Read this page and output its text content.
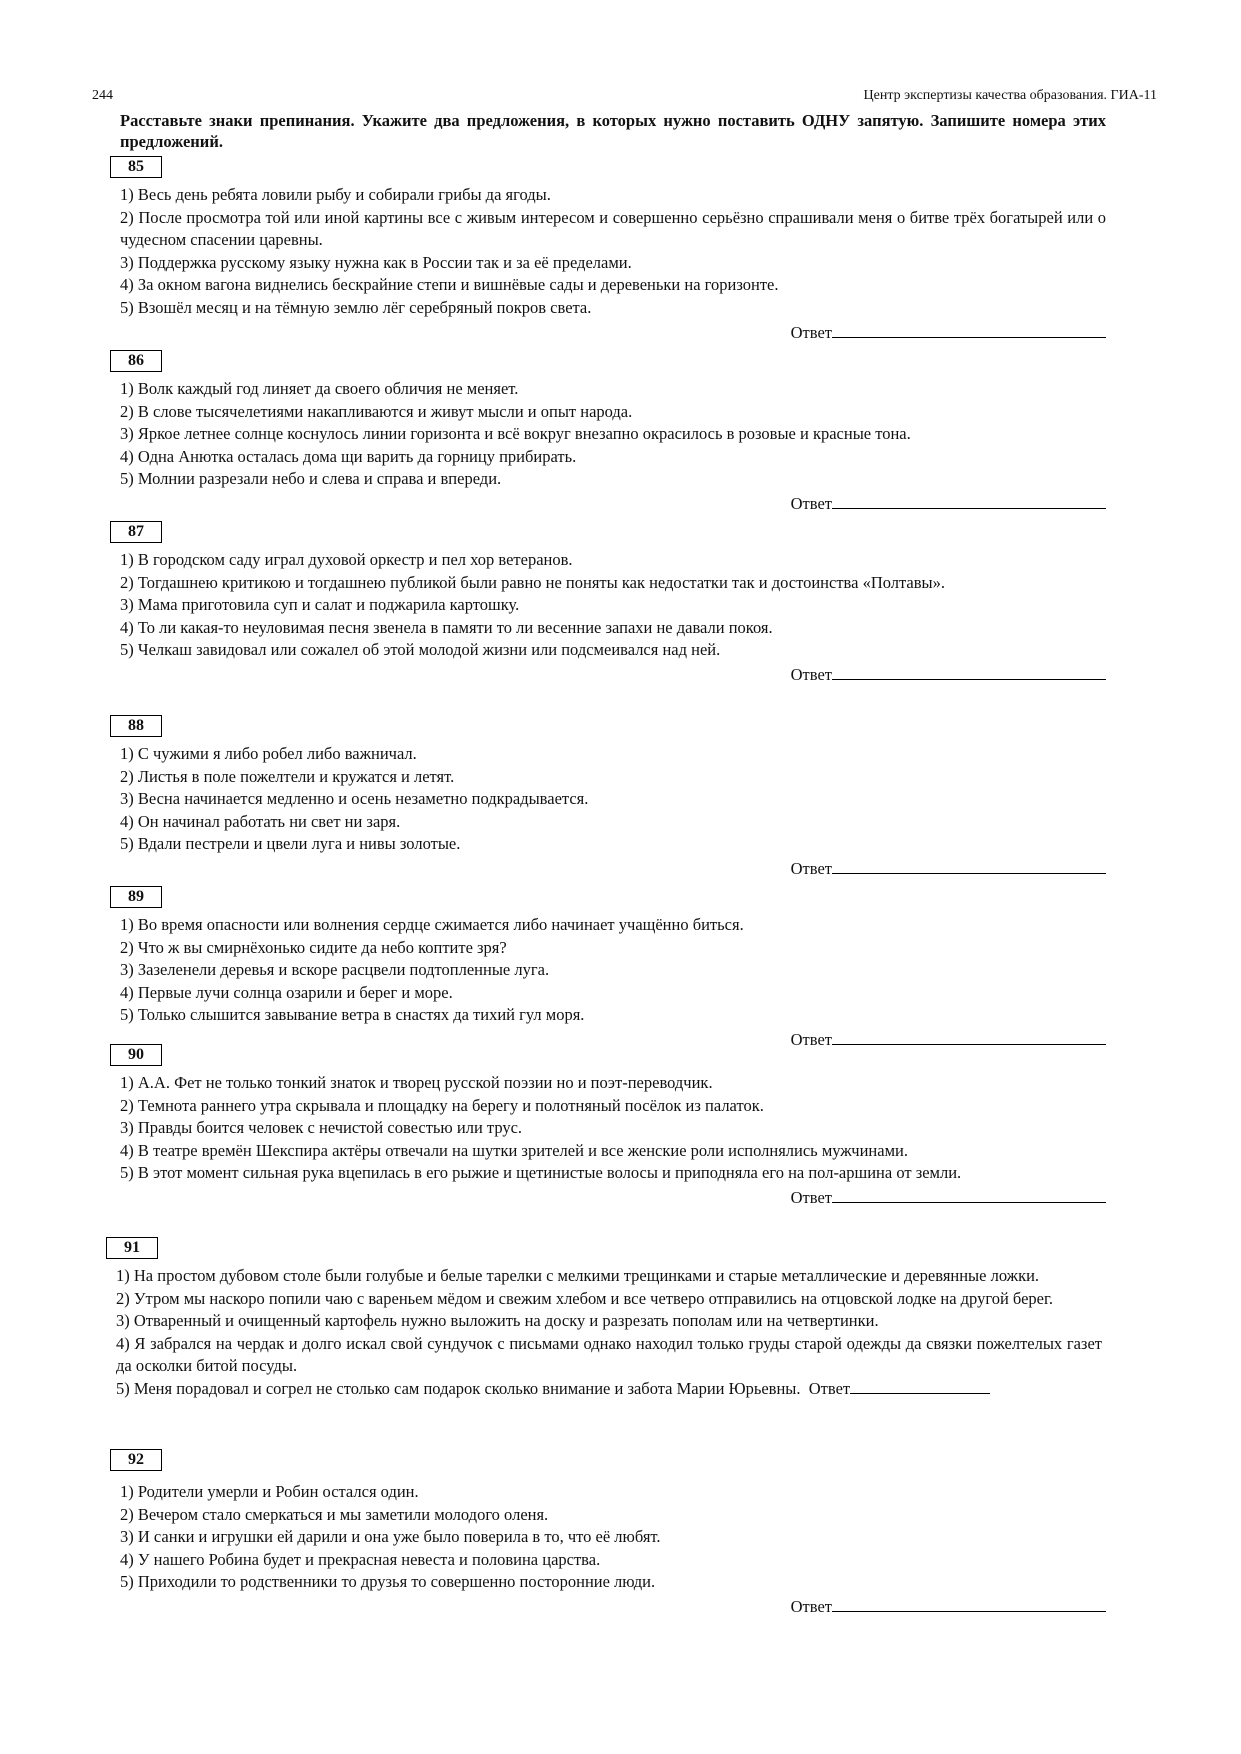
244	Центр экспертизы качества образования. ГИА-11
Расставьте знаки препинания. Укажите два предложения, в которых нужно поставить ОДНУ запятую. Запишите номера этих предложений.
85
1) Весь день ребята ловили рыбу и собирали грибы да ягоды.
2) После просмотра той или иной картины все с живым интересом и совершенно серьёзно спрашивали меня о битве трёх богатырей или о чудесном спасении царевны.
3) Поддержка русскому языку нужна как в России так и за её пределами.
4) За окном вагона виднелись бескрайние степи и вишнёвые сады и деревеньки на горизонте.
5) Взошёл месяц и на тёмную землю лёг серебряный покров света.
Ответ
86
1) Волк каждый год линяет да своего обличия не меняет.
2) В слове тысячелетиями накапливаются и живут мысли и опыт народа.
3) Яркое летнее солнце коснулось линии горизонта и всё вокруг внезапно окрасилось в розовые и красные тона.
4) Одна Анютка осталась дома щи варить да горницу прибирать.
5) Молнии разрезали небо и слева и справа и впереди.
Ответ
87
1) В городском саду играл духовой оркестр и пел хор ветеранов.
2) Тогдашнею критикою и тогдашнею публикой были равно не поняты как недостатки так и достоинства «Полтавы».
3) Мама приготовила суп и салат и поджарила картошку.
4) То ли какая-то неуловимая песня звенела в памяти то ли весенние запахи не давали покоя.
5) Челкаш завидовал или сожалел об этой молодой жизни или подсмеивался над ней.
Ответ
88
1) С чужими я либо робел либо важничал.
2) Листья в поле пожелтели и кружатся и летят.
3) Весна начинается медленно и осень незаметно подкрадывается.
4) Он начинал работать ни свет ни заря.
5) Вдали пестрели и цвели луга и нивы золотые.
Ответ
89
1) Во время опасности или волнения сердце сжимается либо начинает учащённо биться.
2) Что ж вы смирнёхонько сидите да небо коптите зря?
3) Зазеленели деревья и вскоре расцвели подтопленные луга.
4) Первые лучи солнца озарили и берег и море.
5) Только слышится завывание ветра в снастях да тихий гул моря.
Ответ
90
1) А.А. Фет не только тонкий знаток и творец русской поэзии но и поэт-переводчик.
2) Темнота раннего утра скрывала и площадку на берегу и полотняный посёлок из палаток.
3) Правды боится человек с нечистой совестью или трус.
4) В театре времён Шекспира актёры отвечали на шутки зрителей и все женские роли исполнялись мужчинами.
5) В этот момент сильная рука вцепилась в его рыжие и щетинистые волосы и приподняла его на пол-аршина от земли.
Ответ
91
1) На простом дубовом столе были голубые и белые тарелки с мелкими трещинками и старые металлические и деревянные ложки.
2) Утром мы наскоро попили чаю с вареньем мёдом и свежим хлебом и все четверо отправились на отцовской лодке на другой берег.
3) Отваренный и очищенный картофель нужно выложить на доску и разрезать пополам или на четвертинки.
4) Я забрался на чердак и долго искал свой сундучок с письмами однако находил только груды старой одежды да связки пожелтелых газет да осколки битой посуды.
5) Меня порадовал и согрел не столько сам подарок сколько внимание и забота Марии Юрьевны. Ответ
92
1) Родители умерли и Робин остался один.
2) Вечером стало смеркаться и мы заметили молодого оленя.
3) И санки и игрушки ей дарили и она уже было поверила в то, что её любят.
4) У нашего Робина будет и прекрасная невеста и половина царства.
5) Приходили то родственники то друзья то совершенно посторонние люди.
Ответ
